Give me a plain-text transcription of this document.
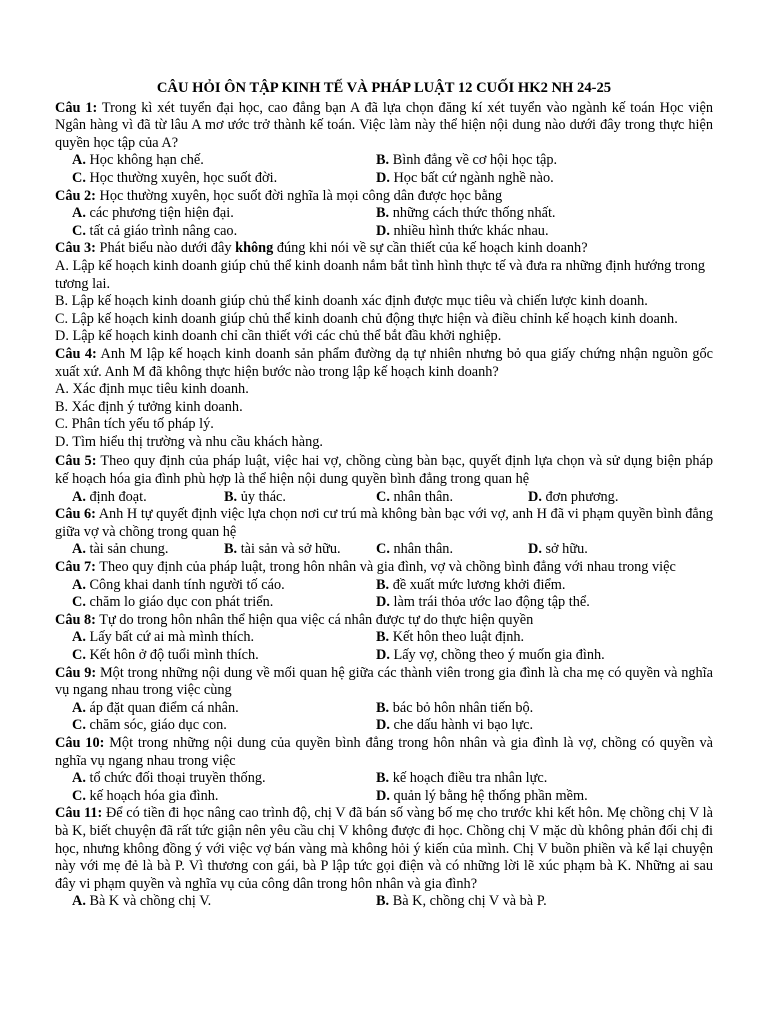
CÂU HỎI ÔN TẬP KINH TẾ VÀ PHÁP LUẬT 12 CUỐI HK2 NH 24-25

Câu 1: Trong kì xét tuyển đại học, cao đẳng bạn A đã lựa chọn đăng kí xét tuyển vào ngành kế toán Học viện Ngân hàng vì đã từ lâu A mơ ước trở thành kế toán. Việc làm này thể hiện nội dung nào dưới đây trong thực hiện quyền học tập của A?

A. Học không hạn chế.	B. Bình đẳng về cơ hội học tập.
C. Học thường xuyên, học suốt đời.	D. Học bất cứ ngành nghề nào.

Câu 2: Học thường xuyên, học suốt đời nghĩa là mọi công dân được học bằng

A. các phương tiện hiện đại.	B. những cách thức thống nhất.
C. tất cả giáo trình nâng cao.	D. nhiều hình thức khác nhau.

Câu 3: Phát biểu nào dưới đây không đúng khi nói về sự cần thiết của kế hoạch kinh doanh?

A. Lập kế hoạch kinh doanh giúp chủ thể kinh doanh nắm bắt tình hình thực tế và đưa ra những định hướng trong tương lai.

B. Lập kế hoạch kinh doanh giúp chủ thể kinh doanh xác định được mục tiêu và chiến lược kinh doanh.

C. Lập kế hoạch kinh doanh giúp chủ thể kinh doanh chủ động thực hiện và điều chỉnh kế hoạch kinh doanh.

D. Lập kế hoạch kinh doanh chỉ cần thiết với các chủ thể bắt đầu khởi nghiệp.

Câu 4: Anh M lập kế hoạch kinh doanh sản phẩm đường dạ tự nhiên nhưng bỏ qua giấy chứng nhận nguồn gốc xuất xứ. Anh M đã không thực hiện bước nào trong lập kế hoạch kinh doanh?

A. Xác định mục tiêu kinh doanh.

B. Xác định ý tưởng kinh doanh.

C. Phân tích yếu tố pháp lý.

D. Tìm hiểu thị trường và nhu cầu khách hàng.

Câu 5: Theo quy định của pháp luật, việc hai vợ, chồng cùng bàn bạc, quyết định lựa chọn và sử dụng biện pháp kế hoạch hóa gia đình phù hợp là thể hiện nội dung quyền bình đẳng trong quan hệ

A. định đoạt.	B. ủy thác.	C. nhân thân.	D. đơn phương.

Câu 6: Anh H tự quyết định việc lựa chọn nơi cư trú mà không bàn bạc với vợ, anh H đã vi phạm quyền bình đẳng giữa vợ và chồng trong quan hệ

A. tài sản chung.	B. tài sản và sở hữu.	C. nhân thân.	D. sở hữu.

Câu 7: Theo quy định của pháp luật, trong hôn nhân và gia đình, vợ và chồng bình đẳng với nhau trong việc

A. Công khai danh tính người tố cáo.	B. đề xuất mức lương khởi điểm.
C. chăm lo giáo dục con phát triển.	D. làm trái thỏa ước lao động tập thể.

Câu 8: Tự do trong hôn nhân thể hiện qua việc cá nhân được tự do thực hiện quyền

A. Lấy bất cứ ai mà mình thích.	B. Kết hôn theo luật định.
C. Kết hôn ở độ tuổi mình thích.	D. Lấy vợ, chồng theo ý muốn gia đình.

Câu 9: Một trong những nội dung về mối quan hệ giữa các thành viên trong gia đình là cha mẹ có quyền và nghĩa vụ ngang nhau trong việc cùng

A. áp đặt quan điểm cá nhân.	B. bác bỏ hôn nhân tiến bộ.
C. chăm sóc, giáo dục con.	D. che dấu hành vi bạo lực.

Câu 10: Một trong những nội dung của quyền bình đẳng trong hôn nhân và gia đình là vợ, chồng có quyền và nghĩa vụ ngang nhau trong việc

A. tổ chức đối thoại truyền thống.	B. kế hoạch điều tra nhân lực.
C. kế hoạch hóa gia đình.	D. quản lý bằng hệ thống phần mềm.

Câu 11: Để có tiền đi học nâng cao trình độ, chị V đã bán số vàng bố mẹ cho trước khi kết hôn. Mẹ chồng chị V là bà K, biết chuyện đã rất tức giận nên yêu cầu chị V không được đi học. Chồng chị V mặc dù không phản đối chị đi học, nhưng không đồng ý với việc vợ bán vàng mà không hỏi ý kiến của mình. Chị V buồn phiền và kể lại chuyện này với mẹ đẻ là bà P. Vì thương con gái, bà P lập tức gọi điện và có những lời lẽ xúc phạm bà K. Những ai sau đây vi phạm quyền và nghĩa vụ của công dân trong hôn nhân và gia đình?

A. Bà K và chồng chị V.	B. Bà K, chồng chị V và bà P.
